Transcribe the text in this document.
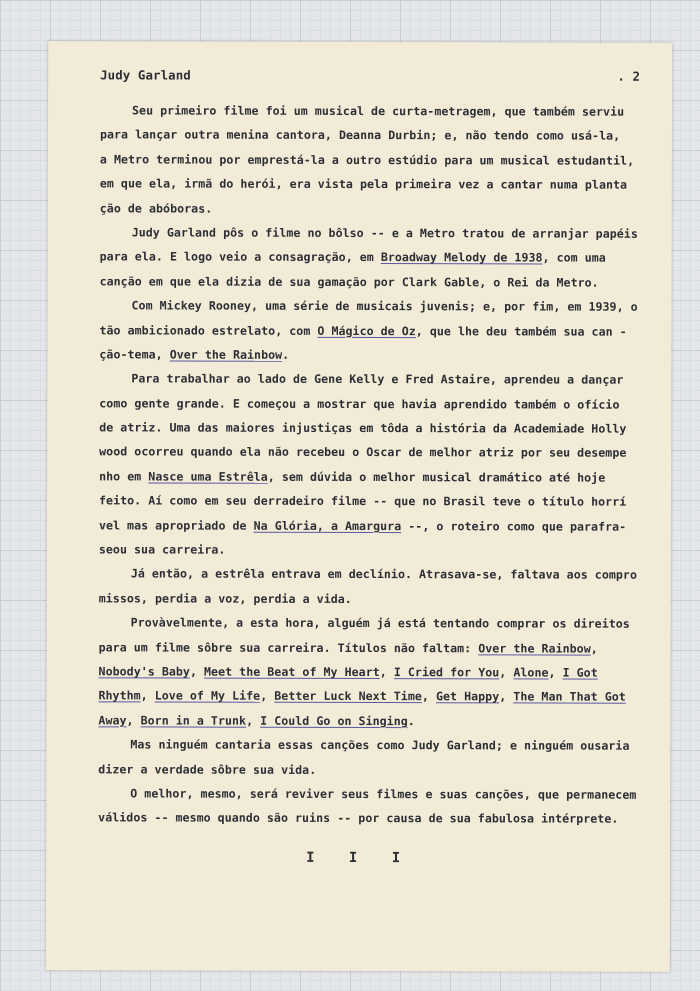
Judy Garland	. 2
Seu primeiro filme foi um musical de curta-metragem, que também serviu
para lançar outra menina cantora, Deanna Durbin; e, não tendo como usá-la,
a Metro terminou por emprestá-la a outro estúdio para um musical estudantil,
em que ela, irmã do herói, era vista pela primeira vez a cantar numa planta
ção de abóboras.
Judy Garland pôs o filme no bôlso -- e a Metro tratou de arranjar papéis
para ela. E logo veio a consagração, em Broadway Melody de 1938, com uma
canção em que ela dizia de sua gamação por Clark Gable, o Rei da Metro.
Com Mickey Rooney, uma série de musicais juvenis; e, por fim, em 1939, o
tão ambicionado estrelato, com O Mágico de Oz, que lhe deu também sua can -
ção-tema, Over the Rainbow.
Para trabalhar ao lado de Gene Kelly e Fred Astaire, aprendeu a dançar
como gente grande. E começou a mostrar que havia aprendido também o ofício
de atriz. Uma das maiores injustiças em tôda a história da Academiade Holly
wood ocorreu quando ela não recebeu o Oscar de melhor atriz por seu desempe
nho em Nasce uma Estrêla, sem dúvida o melhor musical dramático até hoje
feito. Aí como em seu derradeiro filme -- que no Brasil teve o título horrí
vel mas apropriado de Na Glória, a Amargura --, o roteiro como que parafra-
seou sua carreira.
Já então, a estrêla entrava em declínio. Atrasava-se, faltava aos compro
missos, perdia a voz, perdia a vida.
Provàvelmente, a esta hora, alguém já está tentando comprar os direitos
para um filme sôbre sua carreira. Títulos não faltam: Over the Rainbow,
Nobody's Baby, Meet the Beat of My Heart, I Cried for You, Alone, I Got
Rhythm, Love of My Life, Better Luck Next Time, Get Happy, The Man That Got
Away, Born in a Trunk, I Could Go on Singing.
Mas ninguém cantaria essas canções como Judy Garland; e ninguém ousaria
dizer a verdade sôbre sua vida.
O melhor, mesmo, será reviver seus filmes e suas canções, que permanecem
válidos -- mesmo quando são ruins -- por causa de sua fabulosa intérprete.
I I I
